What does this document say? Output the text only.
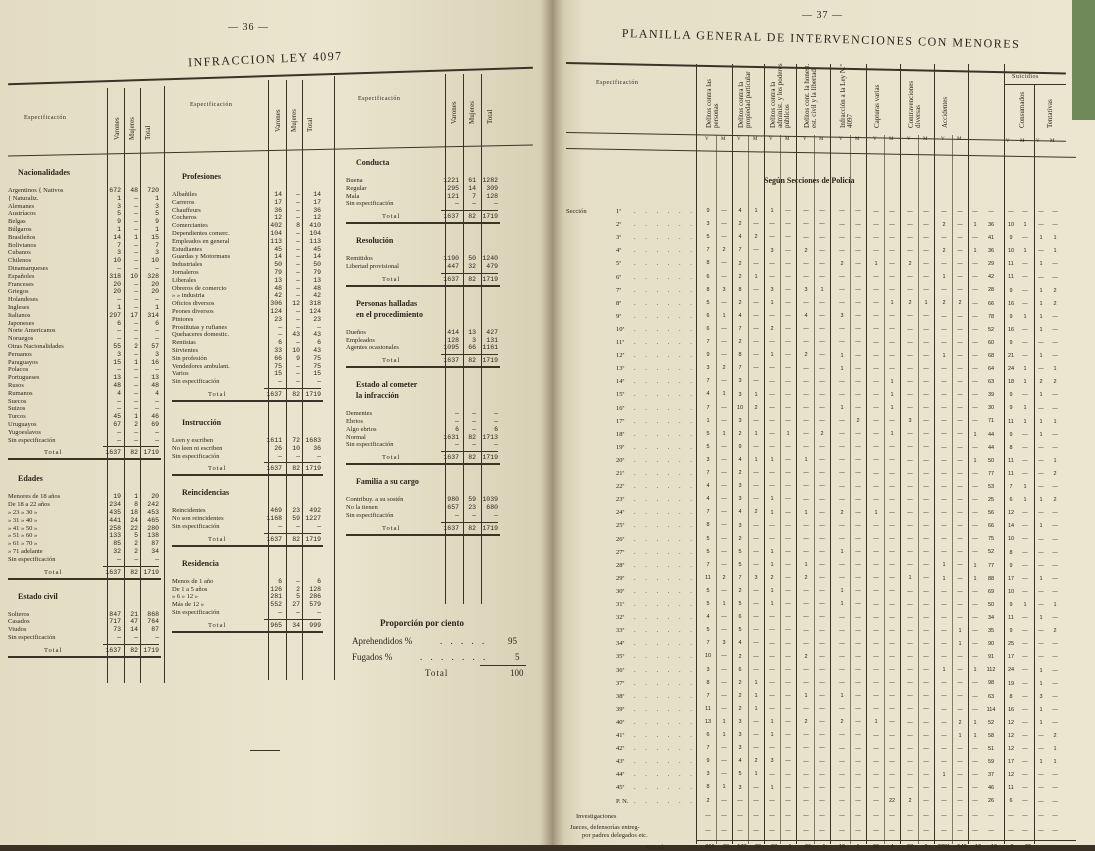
— 36 —
INFRACCION LEY 4097
Especificación	Varones Mujeres Total
Especificación
Varones Mujeres Total
Especificación
Varones Mujeres Total
Nacionalidades
Argentinos { Nativos	672	48	720
{ Naturaliz.	1	—	1
Alemanes	3	—	3
Austríacos	5	—	5
Belgas	9	—	9
Búlgaros	1	—	1
Brasileños	14	1	15
Bolivianos	7	—	7
Cubanos	3	—	3
Chilenos	10	—	10
Dinamarqueses	—	—	—
Españoles	318	10	328
Franceses	20	—	20
Griegos	20	—	20
Holandeses	—	—	—
Ingleses	1	—	1
Italianos	297	17	314
Japoneses	6	—	6
Norte Americanos	—	—	—
Noruegos	—	—	—
Otras Nacionalidades	55	2	57
Peruanos	3	—	3
Paraguayos	15	1	16
Polacos	—	—	—
Portugueses	13	—	13
Rusos	48	—	48
Rumanos	4	—	4
Suecos	—	—	—
Suizos	—	—	—
Turcos	45	1	46
Uruguayos	67	2	69
Yugoeslavos	—	—	—
Sin especificación	—	—	—
Total	1637	82 1719
Edades
Menores de 18 años	19	1	20
De 18 a 22 años	234	8	242
» 23 » 30 »	435	18	453
» 31 » 40 »	441	24	465
» 41 » 50 »	258	22	280
» 51 » 60 »	133	5	138
» 61 » 70 »	85	2	87
» 71 adelante	32	2	34
Sin especificación	—	—	—
Total	1637	82 1719
Estado civil
Solteros	847	21	868
Casados	717	47	764
Viudos	73	14	87
Sin especificación	—	—	—
Total	1637	82 1719
Profesiones
Albañiles	14	—	14
Carreros	17	—	17
Chauffeurs	36	—	36
Cocheros	12	—	12
Comerciantes	402	8	410
Dependientes comerc.	104	—	104
Empleados en general	113	—	113
Estudiantes	45	—	45
Guardas y Motormans	14	—	14
Industriales	50	—	50
Jornaleros	79	—	79
Liberales	13	—	13
Obreros de comercio	48	—	48
» » industria	42	—	42
Oficios diversos	306	12	318
Peones diversos	124	—	124
Pintores	23	—	23
Prostitutas y rufianes	—	—	—
Quehaceres domestic.	—	43	43
Rentistas	6	—	6
Sirvientes	33	10	43
Sin profesión	66	9	75
Vendedores ambulant.	75	—	75
Varios	15	—	15
Sin especificación	—	—	—
Total	1637	82 1719
Instrucción
Leen y escriben	1611	72 1683
No leen ni escriben	26	10	36
Sin especificación	—	—	—
Total	1637	82 1719
Reincidencias
Reincidentes	469	23	492
No son reincidentes	1168	59 1227
Sin especificación	—	—	—
Total	1637	82 1719
Residencia
Menos de 1 año	6	—	6
De 1 a 5 años	126	2	128
» 6 » 12 »	281	5	286
Más de 12 »	552	27	579
Sin especificación	—	—	—
Total	965	34	999
Conducta
Buena	1221	61 1282
Regular	295	14	309
Mala	121	7	128
Sin especificación	—	—	—
Total	1637	82 1719
Resolución
Remitidos	1190	50 1240
Libertad provisional	447	32	479
Total	1637	82 1719
Personas halladas
en el procedimiento
Dueños	414	13	427
Empleados	128	3	131
Agentes ocasionales	1095	66 1161
Total	1637	82 1719
Estado al cometer
la infracción
Dementes	—	—	—
Ebrios	—	—	—
Algo ebrios	6	—	6
Normal	1631	82 1713
Sin especificación	—	—	—
Total	1637	82 1719
Familia a su cargo
Contribuy. a su sostén	980	59 1039
No la tienen	657	23	680
Sin especificación	—	—	—
Total	1637	82 1719
Proporción por ciento
Aprehendidos %	. . . . . 95
Fugados %	. . . . . . .	5
Total	100
— 37 —
PLANILLA GENERAL DE INTERVENCIONES CON MENORES
Especificación	Delitos contra las personas
V M
Delitos contra la propiedad particular
V M
Delitos contra la administ. y los poderes públicos
V M
Delitos cont. la honest. est. civil y la libertad
V M
Infracción a la Ley N.º 4097
V M
Capturas varias
V M
Contravenciones diversas
V M
Accidentes
V M
Consumados	Tentativas
V M V M
Suicidios
Según Secciones de Policía
Sección	1ª . . . . . .	9	—	4	1	1	—	—	—	—	—	—	—	—	—	—	—	—	—	—	—	—	—
2ª . . . . . .	3	—	2	—	—	—	—	—	—	—	—	—	—	—	2	—	1	36	10	1	—	—
3ª . . . . . .	5	—	4	2	—	—	—	—	—	—	—	—	—	—	—	—	—	41	9	—	1	1
4ª . . . . . .	7	2	7	—	3	—	2	—	—	—	—	—	—	—	2	—	1	36	10	1	—	1
5ª . . . . . .	8	—	2	—	—	—	—	—	2	—	1	—	2	—	—	—	—	29	11	—	1	—
6ª . . . . . .	6	—	2	1	—	—	—	—	—	—	—	—	—	—	1	—	—	42	11	—	—	—
7ª . . . . . .	8	3	8	—	3	—	3	1	—	—	—	—	—	—	—	—	—	28	9	—	1	2
8ª . . . . . .	5	—	2	—	1	—	—	—	—	—	—	1	2	1	2	2	—	66	16	—	1	2
9ª . . . . . .	6	1	4	—	—	—	4	—	3	—	—	—	—	—	—	—	—	78	9	1	1	—
10ª . . . . . .	6	—	7	—	2	—	—	—	—	—	—	—	—	—	—	—	—	52	16	—	1	—
11ª . . . . . .	7	—	2	—	—	—	—	—	—	—	—	—	—	—	—	—	—	60	9	—	—	—
12ª . . . . . .	9	—	8	—	1	—	2	—	1	—	—	—	—	—	1	—	—	68	21	—	1	—
13ª . . . . . .	3	2	7	—	—	—	—	—	1	—	—	—	—	—	—	—	—	64	24	1	—	1
14ª . . . . . .	7	—	3	—	—	—	—	—	—	—	—	1	—	—	—	—	—	63	18	1	2	2
15ª . . . . . .	4	1	3	1	—	—	—	—	—	—	—	1	—	—	—	—	—	39	9	—	1	—
16ª . . . . . .	7	—	10	2	—	—	—	—	1	—	—	1	—	—	—	—	—	30	9	1	—	—
17ª . . . . . .	1	—	3	—	—	—	—	—	—	2	—	—	3	—	—	—	—	71	11	1	1	1
18ª . . . . . .	5	1	2	1	—	1	—	2	—	—	—	1	—	—	—	—	1	44	9	—	1	—
19ª . . . . . .	5	—	9	—	—	—	—	—	—	—	—	—	—	—	—	—	—	44	8	—	—	—
20ª . . . . . .	3	—	4	1	1	—	1	—	—	—	—	—	—	—	—	—	1	50	11	—	—	1
21ª . . . . . .	7	—	2	—	—	—	—	—	—	—	—	—	—	—	—	—	—	77	11	—	—	2
22ª . . . . . .	4	—	3	—	—	—	—	—	—	—	—	—	—	—	—	—	—	53	7	1	—	—
23ª . . . . . .	4	—	3	—	1	—	—	—	—	—	—	—	—	—	—	—	—	25	6	1	1	2
24ª . . . . . .	7	—	4	2	1	—	1	—	2	—	1	—	—	—	—	—	—	56	12	—	—	—
25ª . . . . . .	8	—	3	—	—	—	—	—	—	—	—	—	—	—	—	—	—	66	14	—	1	—
26ª . . . . . .	5	—	2	—	—	—	—	—	—	—	—	—	—	—	—	—	—	75	10	—	—	—
27ª . . . . . .	5	—	5	—	1	—	—	—	1	—	—	—	—	—	—	—	—	52	8	—	—	—
28ª . . . . . .	7	—	5	—	1	—	1	—	—	—	—	—	—	—	1	—	1	77	9	—	—	—
29ª . . . . . .	11	2	7	3	2	—	2	—	—	—	—	—	1	—	1	—	1	88	17	—	1	—
30ª . . . . . .	5	—	2	—	1	—	—	—	1	—	—	—	—	—	—	—	—	69	10	—	—	—
31ª . . . . . .	5	1	5	—	1	—	—	—	1	—	—	—	—	—	—	—	—	50	9	1	—	1
32ª . . . . . .	4	—	6	—	—	—	—	—	—	—	—	—	—	—	—	—	—	34	11	—	1	—
33ª . . . . . .	5	—	5	—	—	—	—	—	—	—	—	—	—	—	—	1	—	35	9	—	—	2
34ª . . . . . .	7	3	4	—	—	—	—	—	—	—	—	—	—	—	—	1	—	90	25	—	—	—
35ª . . . . . .	10	—	2	—	—	—	2	—	—	—	—	—	—	—	—	—	—	91	17	—	—	—
36ª . . . . . .	3	—	6	—	—	—	—	—	—	—	—	—	—	—	1	—	1	112	24	—	1	—
37ª . . . . . .	8	—	2	1	—	—	—	—	—	—	—	—	—	—	—	—	—	98	19	—	1	—
38ª . . . . . .	7	—	2	1	—	—	1	—	1	—	—	—	—	—	—	—	—	63	8	—	3	—
39ª . . . . . .	11	—	2	1	—	—	—	—	—	—	—	—	—	—	—	—	—	114	16	—	1	—
40ª . . . . . .	13	1	3	—	1	—	2	—	2	—	1	—	—	—	—	2	1	52	12	—	1	—
41ª . . . . . .	6	1	3	—	1	—	—	—	—	—	—	—	—	—	—	1	1	58	12	—	—	2
42ª . . . . . .	7	—	3	—	—	—	—	—	—	—	—	—	—	—	—	—	—	51	12	—	—	1
43ª . . . . . .	9	—	4	2	3	—	—	—	—	—	—	—	—	—	—	—	—	59	17	—	1	1
44ª . . . . . .	3	—	5	1	—	—	—	—	—	—	—	—	—	—	1	—	—	37	12	—	—	—
45ª . . . . . .	8	1	3	—	1	—	—	—	—	—	—	—	—	—	—	—	—	46	11	—	—	—
P. N. . . . . . .	2	—	—	—	—	—	—	—	—	—	—	22	2	—	—	—	—	26	6	—	—	—
Investigaciones	—	—	—	—	—	—	—	—	—	—	—	—	—	—	—	—	—	—	—	—	—	—
Jueces, defensorías entreg-
por padres delegados etc.
—	—	—	—	—	—	—	—	—	—	—	—	—	—	—	—	—	—	—	—	—	—
Total	306	23	177	22	27	1	26	1	19	1	36	4	27	9	2701	548	12	19	9	22
